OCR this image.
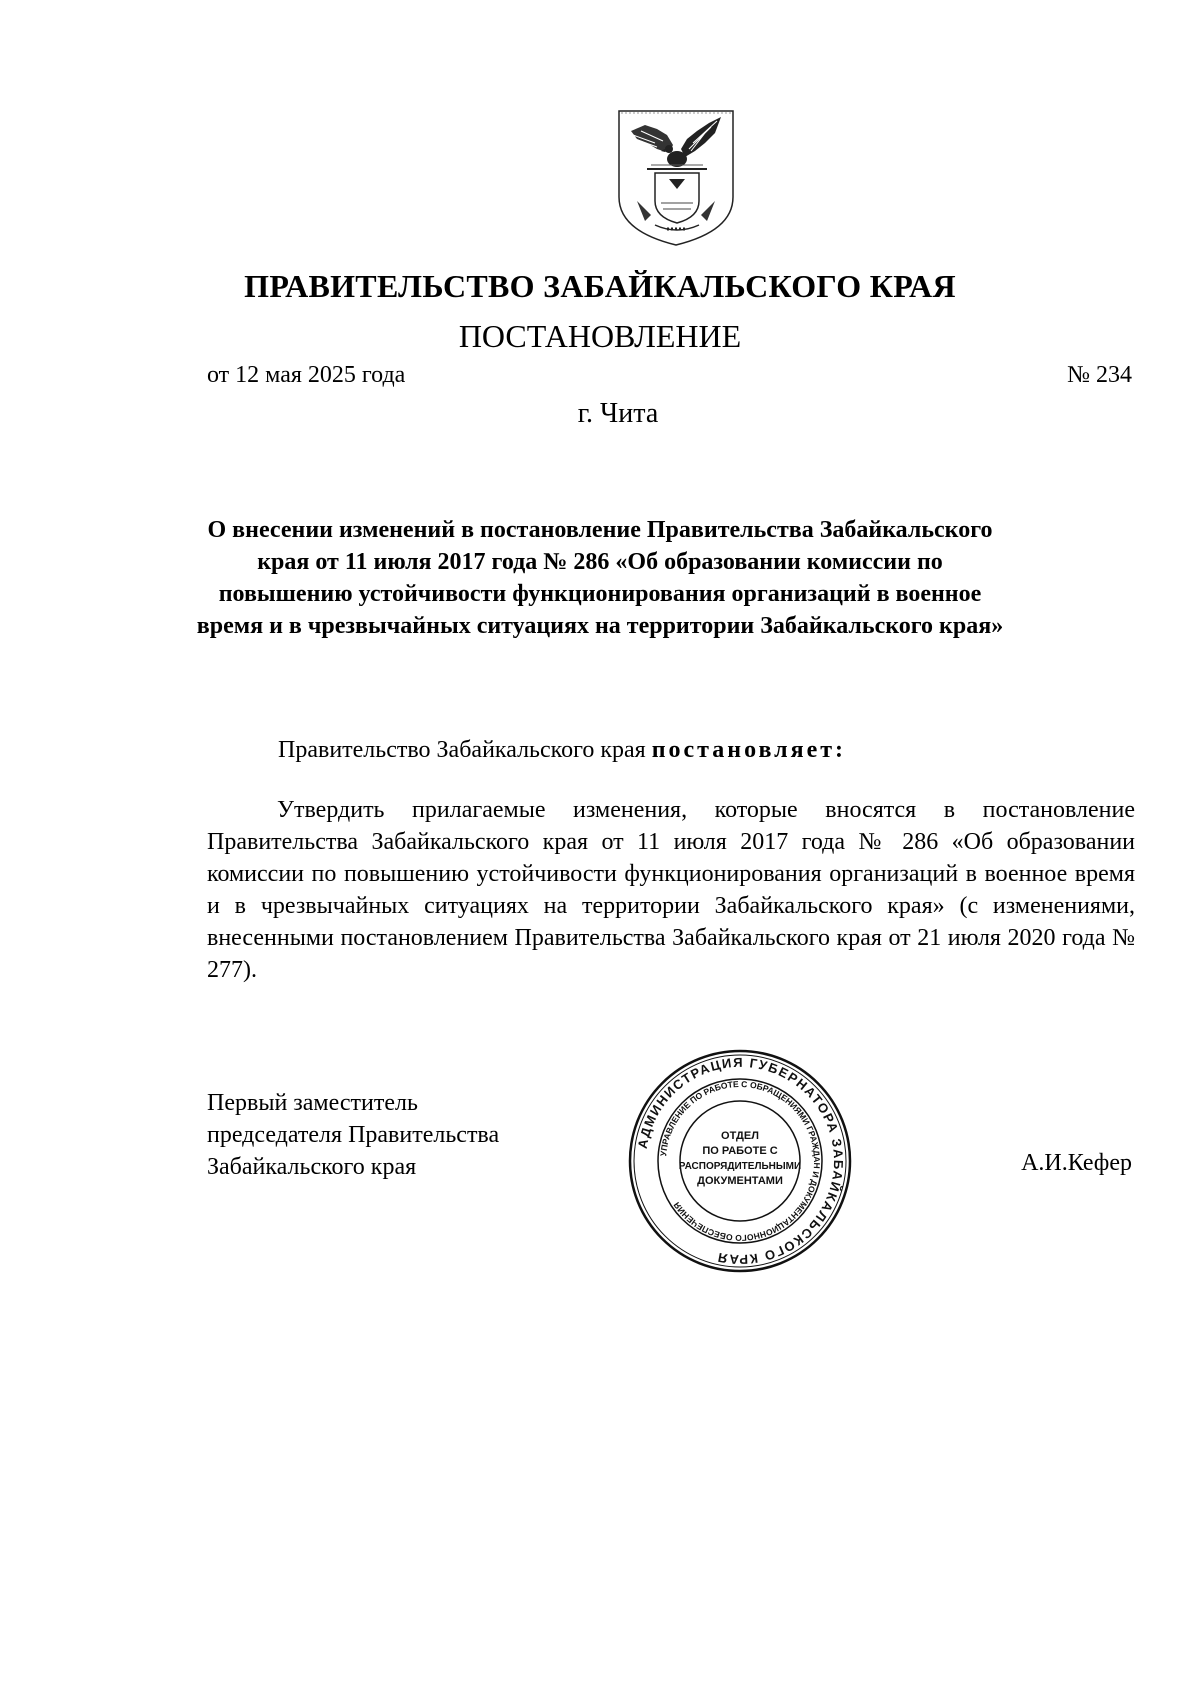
ПРАВИТЕЛЬСТВО ЗАБАЙКАЛЬСКОГО КРАЯ
ПОСТАНОВЛЕНИЕ
от 12 мая 2025 года	№ 234
г. Чита
О внесении изменений в постановление Правительства Забайкальского края от 11 июля 2017 года № 286 «Об образовании комиссии по повышению устойчивости функционирования организаций в военное время и в чрезвычайных ситуациях на территории Забайкальского края»
Правительство Забайкальского края постановляет:
Утвердить прилагаемые изменения, которые вносятся в постановление Правительства Забайкальского края от 11 июля 2017 года № 286 «Об образовании комиссии по повышению устойчивости функционирования организаций в военное время и в чрезвычайных ситуациях на территории Забайкальского края» (с изменениями, внесенными постановлением Правительства Забайкальского края от 21 июля 2020 года № 277).
Первый заместитель
председателя Правительства
Забайкальского края
АДМИНИСТРАЦИЯ ГУБЕРНАТОРА ЗАБАЙКАЛЬСКОГО КРАЯ
УПРАВЛЕНИЕ ПО РАБОТЕ С ОБРАЩЕНИЯМИ ГРАЖДАН И ДОКУМЕНТАЦИОННОГО ОБЕСПЕЧЕНИЯ
ОТДЕЛ
ПО РАБОТЕ С
РАСПОРЯДИТЕЛЬНЫМИ
ДОКУМЕНТАМИ
А.И.Кефер
